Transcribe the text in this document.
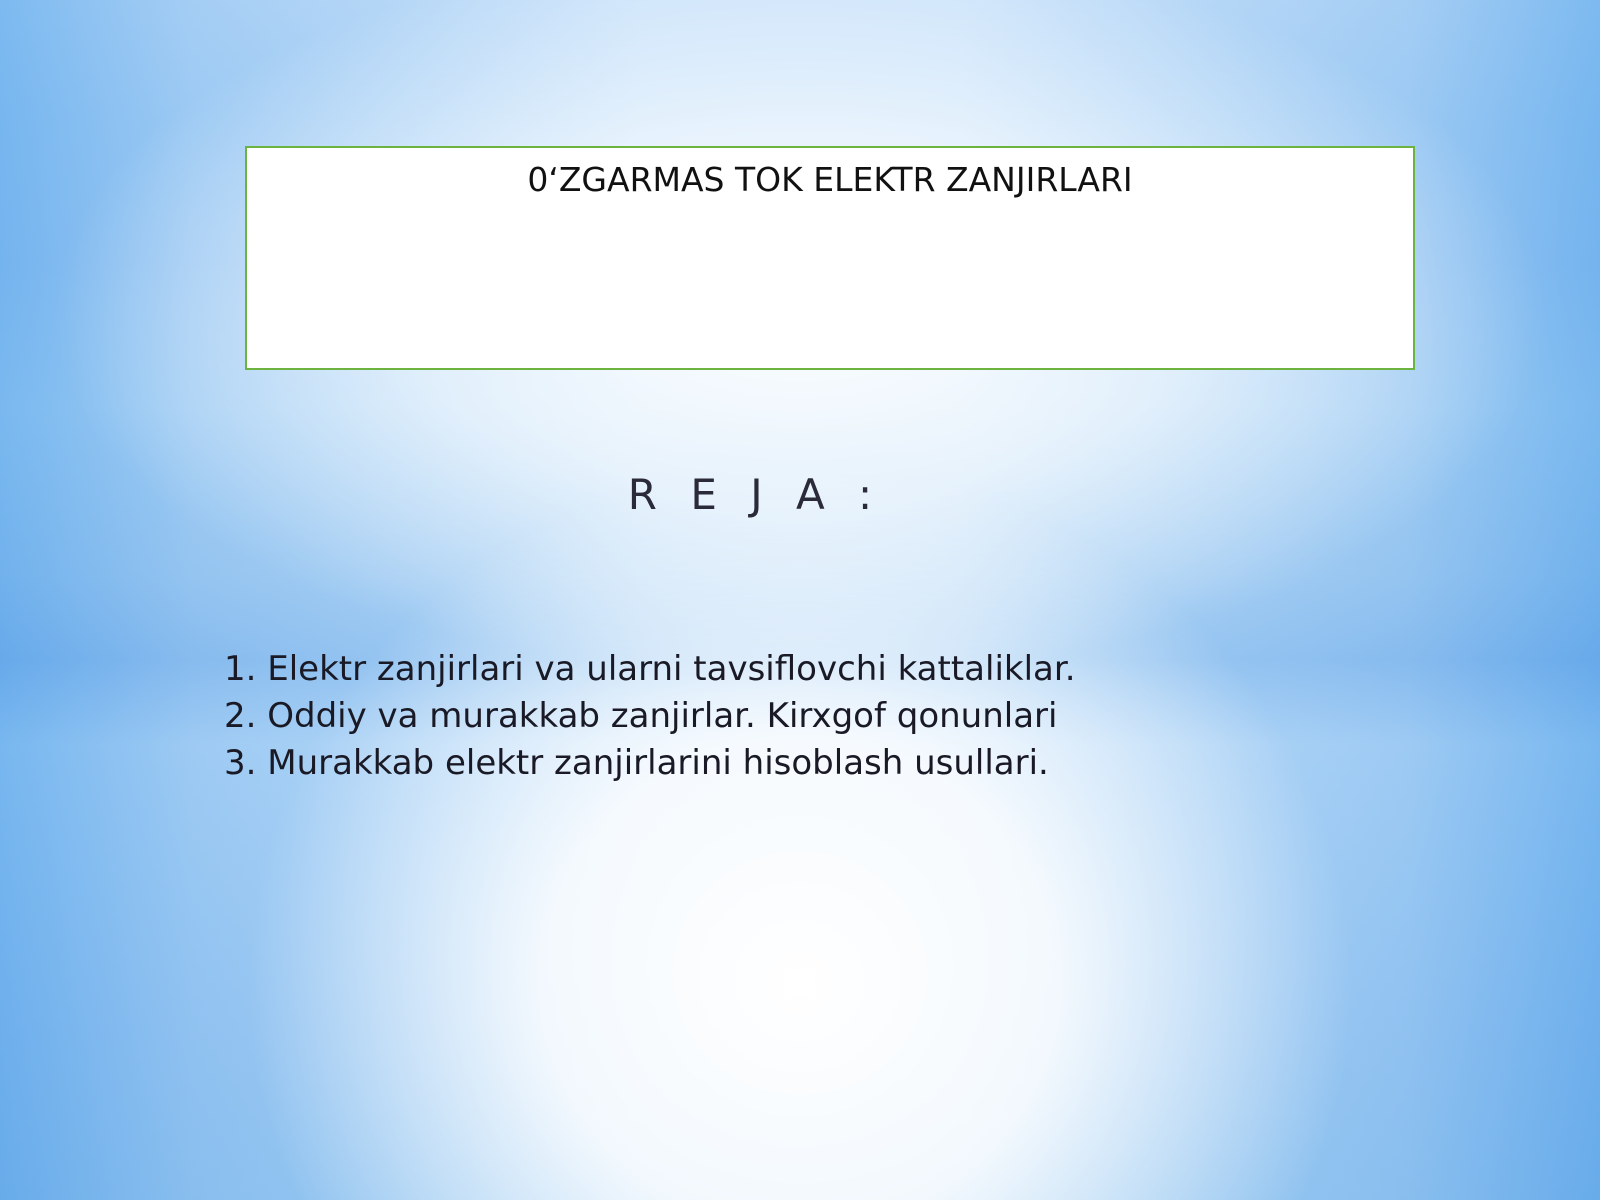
0‘ZGARMAS TOK ELEKTR ZANJIRLARI
R E J A :
1. Elektr zanjirlari va ularni tavsiflovchi kattaliklar.
2. Oddiy va murakkab zanjirlar. Kirxgof qonunlari
3. Murakkab elektr zanjirlarini hisoblash usullari.
